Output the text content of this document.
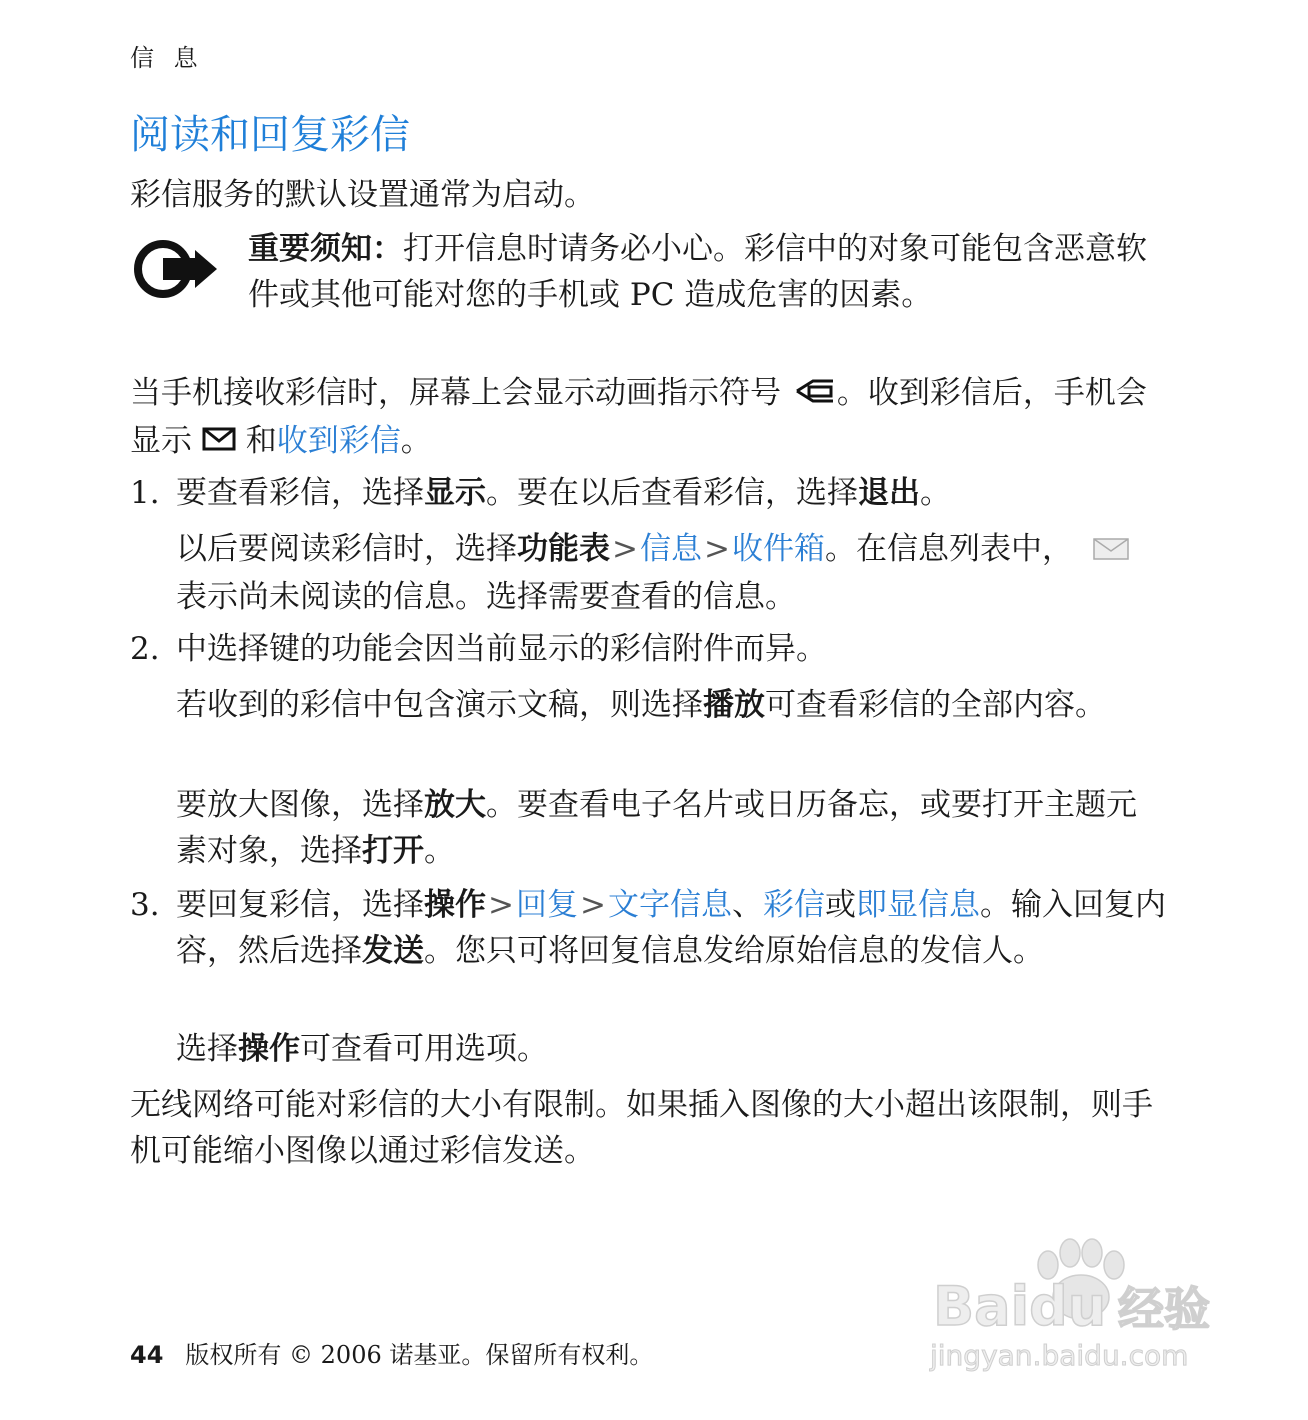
信 息
阅读和回复彩信
彩信服务的默认设置通常为启动。
重要须知：打开信息时请务必小心。彩信中的对象可能包含恶意软件或其他可能对您的手机或 PC 造成危害的因素。
当手机接收彩信时，屏幕上会显示动画指示符号 。收到彩信后，手机会显示 和收到彩信。
1. 要查看彩信，选择显示。要在以后查看彩信，选择退出。
以后要阅读彩信时，选择功能表>信息>收件箱。在信息列表中， 表示尚未阅读的信息。选择需要查看的信息。
2. 中选择键的功能会因当前显示的彩信附件而异。
若收到的彩信中包含演示文稿，则选择播放可查看彩信的全部内容。
要放大图像，选择放大。要查看电子名片或日历备忘，或要打开主题元素对象，选择打开。
3. 要回复彩信，选择操作>回复>文字信息、彩信或即显信息。输入回复内容，然后选择发送。您只可将回复信息发给原始信息的发信人。
选择操作可查看可用选项。
无线网络可能对彩信的大小有限制。如果插入图像的大小超出该限制，则手机可能缩小图像以通过彩信发送。
44 版权所有 © 2006 诺基亚。保留所有权利。
Baidu 经验
jingyan.baidu.com
